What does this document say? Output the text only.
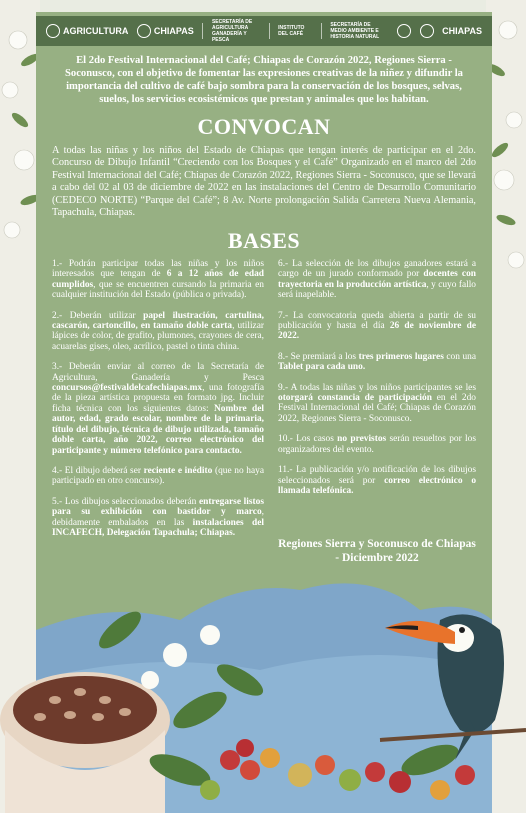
AGRICULTURA	CHIAPAS
SECRETARÍA DE AGRICULTURA GANADERÍA Y PESCA
INSTITUTO DEL CAFÉ
SECRETARÍA DE MEDIO AMBIENTE E HISTORIA NATURAL
CHIAPAS

El 2do Festival Internacional del Café; Chiapas de Corazón 2022, Regiones Sierra - Soconusco, con el objetivo de fomentar las expresiones creativas de la niñez y difundir la importancia del cultivo de café bajo sombra para la conservación de los bosques, selvas, suelos, los servicios ecosistémicos que prestan y animales que los habitan.

CONVOCAN

A todas las niñas y los niños del Estado de Chiapas que tengan interés de participar en el 2do. Concurso de Dibujo Infantil “Creciendo con los Bosques y el Café” Organizado en el marco del 2do Festival Internacional del Café; Chiapas de Corazón 2022, Regiones Sierra - Soconusco, que se llevará a cabo del 02 al 03 de diciembre de 2022 en las instalaciones del Centro de Desarrollo Comunitario (CEDECO NORTE) “Parque del Café”; 8 Av. Norte prolongación Salida Carretera Nueva Alemania, Tapachula, Chiapas.

BASES

1.- Podrán participar todas las niñas y los niños interesados que tengan de 6 a 12 años de edad cumplidos, que se encuentren cursando la primaria en cualquier institución del Estado (pública o privada).

2.- Deberán utilizar papel ilustración, cartulina, cascarón, cartoncillo, en tamaño doble carta, utilizar lápices de color, de grafito, plumones, crayones de cera, acuarelas gises, oleo, acrílico, pastel o tinta china.

3.- Deberán enviar al correo de la Secretaría de Agricultura, Ganadería y Pesca concursos@festivaldelcafechiapas.mx, una fotografía de la pieza artística propuesta en formato jpg. Incluir ficha técnica con los siguientes datos: Nombre del autor, edad, grado escolar, nombre de la primaria, título del dibujo, técnica de dibujo utilizada, tamaño doble carta, año 2022, correo electrónico del participante y número telefónico para contacto.

4.- El dibujo deberá ser reciente e inédito (que no haya participado en otro concurso).

5.- Los dibujos seleccionados deberán entregarse listos para su exhibición con bastidor y marco, debidamente embalados en las instalaciones del INCAFECH, Delegación Tapachula; Chiapas.

6.- La selección de los dibujos ganadores estará a cargo de un jurado conformado por docentes con trayectoria en la producción artística, y cuyo fallo será inapelable.

7.- La convocatoria queda abierta a partir de su publicación y hasta el día 26 de noviembre de 2022.

8.- Se premiará a los tres primeros lugares con una Tablet para cada uno.

9.- A todas las niñas y los niños participantes se les otorgará constancia de participación en el 2do Festival Internacional del Café; Chiapas de Corazón 2022, Regiones Sierra - Soconusco.

10.- Los casos no previstos serán resueltos por los organizadores del evento.

11.- La publicación y/o notificación de los dibujos seleccionados será por correo electrónico o llamada telefónica.

Regiones Sierra y Soconusco de Chiapas - Diciembre 2022
